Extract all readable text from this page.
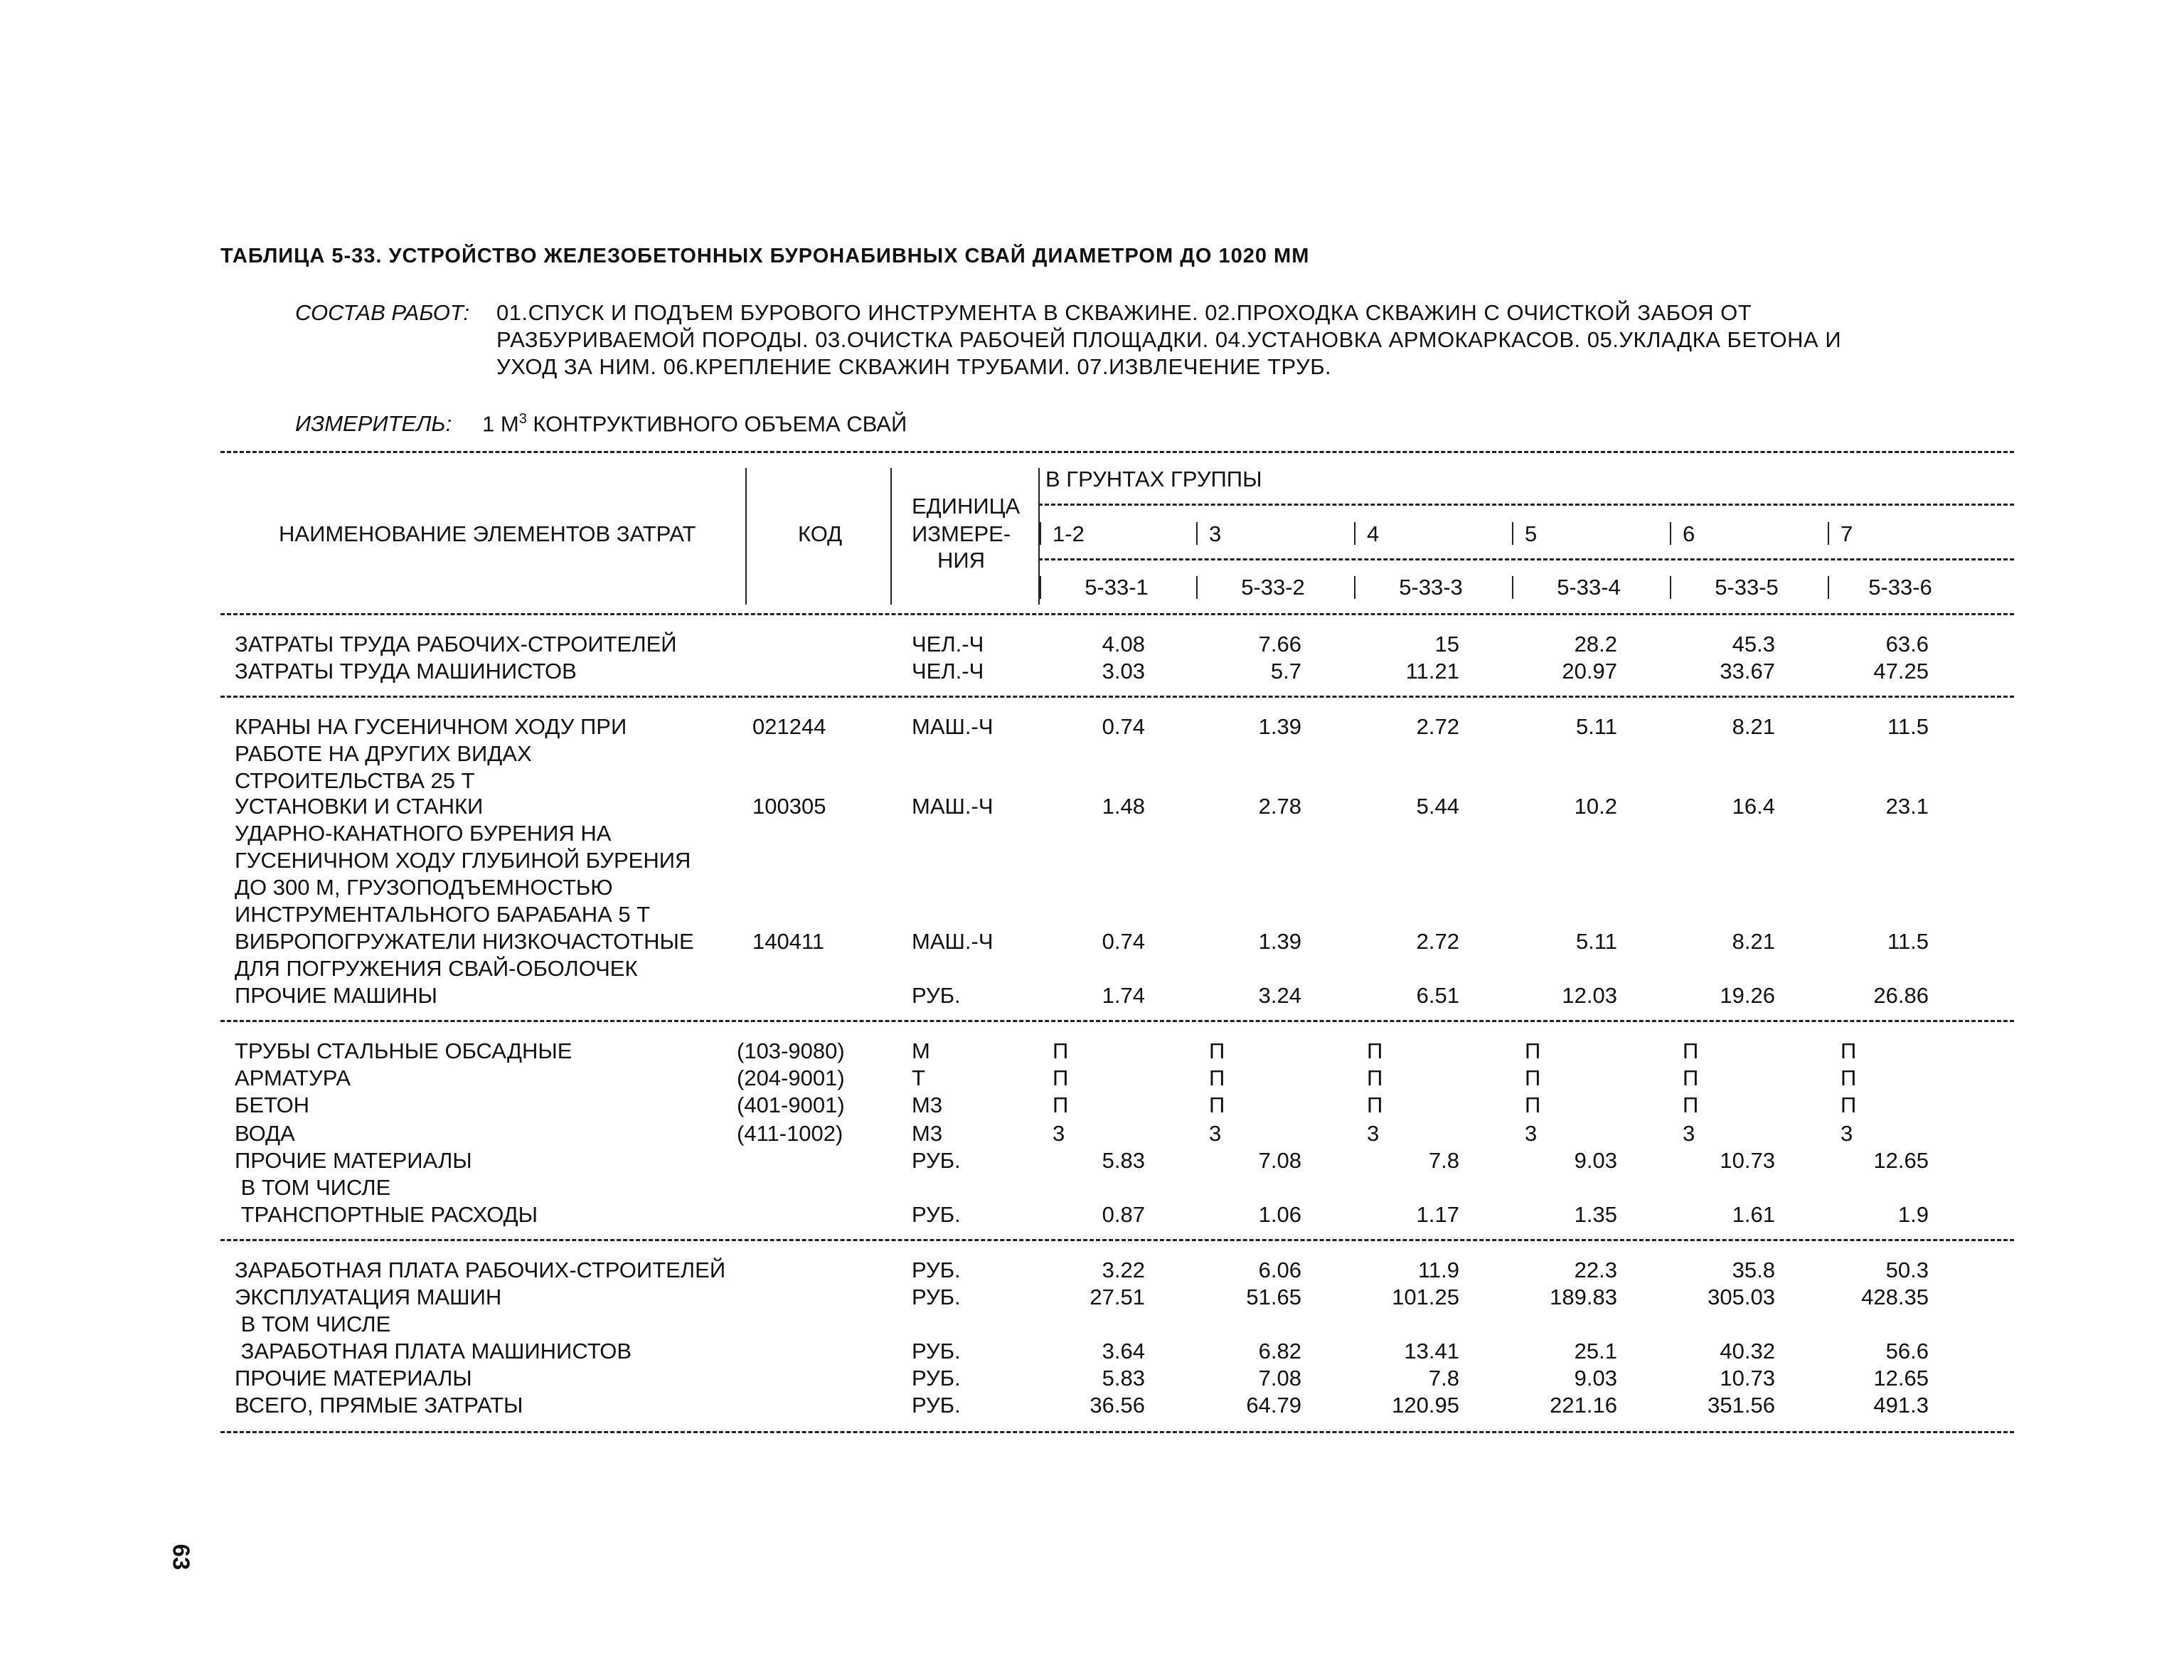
ТАБЛИЦА 5-33. УСТРОЙСТВО ЖЕЛЕЗОБЕТОННЫХ БУРОНАБИВНЫХ СВАЙ ДИАМЕТРОМ ДО 1020 ММ
СОСТАВ РАБОТ: 01.СПУСК И ПОДЪЕМ БУРОВОГО ИНСТРУМЕНТА В СКВАЖИНЕ. 02.ПРОХОДКА СКВАЖИН С ОЧИСТКОЙ ЗАБОЯ ОТ
РАЗБУРИВАЕМОЙ ПОРОДЫ. 03.ОЧИСТКА РАБОЧЕЙ ПЛОЩАДКИ. 04.УСТАНОВКА АРМОКАРКАСОВ. 05.УКЛАДКА БЕТОНА И
УХОД ЗА НИМ. 06.КРЕПЛЕНИЕ СКВАЖИН ТРУБАМИ. 07.ИЗВЛЕЧЕНИЕ ТРУБ.
ИЗМЕРИТЕЛЬ: 1 $М^3$ КОНТРУКТИВНОГО ОБЪЕМА СВАЙ
НАИМЕНОВАНИЕ ЭЛЕМЕНТОВ ЗАТРАТ	КОД
ЕДИНИЦА
ИЗМЕРЕ-
НИЯ
В ГРУНТАХ ГРУППЫ
1-2	3	4	5	6	7
5-33-1	5-33-2	5-33-3	5-33-4	5-33-5	5-33-6
ЗАТРАТЫ ТРУДА РАБОЧИХ-СТРОИТЕЛЕЙ	ЧЕЛ.-Ч	4.08	7.66	15	28.2	45.3	63.6
ЗАТРАТЫ ТРУДА МАШИНИСТОВ	ЧЕЛ.-Ч	3.03	5.7	11.21	20.97	33.67	47.25
КРАНЫ НА ГУСЕНИЧНОМ ХОДУ ПРИ	021244	МАШ.-Ч	0.74	1.39	2.72	5.11	8.21	11.5
РАБОТЕ НА ДРУГИХ ВИДАХ
СТРОИТЕЛЬСТВА 25 Т
УСТАНОВКИ И СТАНКИ	100305	МАШ.-Ч	1.48	2.78	5.44	10.2	16.4	23.1
УДАРНО-КАНАТНОГО БУРЕНИЯ НА
ГУСЕНИЧНОМ ХОДУ ГЛУБИНОЙ БУРЕНИЯ
ДО 300 М, ГРУЗОПОДЪЕМНОСТЬЮ
ИНСТРУМЕНТАЛЬНОГО БАРАБАНА 5 Т
ВИБРОПОГРУЖАТЕЛИ НИЗКОЧАСТОТНЫЕ	140411	МАШ.-Ч	0.74	1.39	2.72	5.11	8.21	11.5
ДЛЯ ПОГРУЖЕНИЯ СВАЙ-ОБОЛОЧЕК
ПРОЧИЕ МАШИНЫ	РУБ.	1.74	3.24	6.51	12.03	19.26	26.86
ТРУБЫ СТАЛЬНЫЕ ОБСАДНЫЕ	(103-9080)	М	П	П	П	П	П	П
АРМАТУРА	(204-9001)	Т	П	П	П	П	П	П
БЕТОН	(401-9001)	М3	П	П	П	П	П	П
ВОДА	(411-1002)	М3	3	3	3	3	3	3
ПРОЧИЕ МАТЕРИАЛЫ	РУБ.	5.83	7.08	7.8	9.03	10.73	12.65
В ТОМ ЧИСЛЕ
ТРАНСПОРТНЫЕ РАСХОДЫ	РУБ.	0.87	1.06	1.17	1.35	1.61	1.9
ЗАРАБОТНАЯ ПЛАТА РАБОЧИХ-СТРОИТЕЛЕЙ	РУБ.	3.22	6.06	11.9	22.3	35.8	50.3
ЭКСПЛУАТАЦИЯ МАШИН	РУБ.	27.51	51.65	101.25	189.83	305.03	428.35
В ТОМ ЧИСЛЕ
ЗАРАБОТНАЯ ПЛАТА МАШИНИСТОВ	РУБ.	3.64	6.82	13.41	25.1	40.32	56.6
ПРОЧИЕ МАТЕРИАЛЫ	РУБ.	5.83	7.08	7.8	9.03	10.73	12.65
ВСЕГО, ПРЯМЫЕ ЗАТРАТЫ	РУБ.	36.56	64.79	120.95	221.16	351.56	491.3
63
